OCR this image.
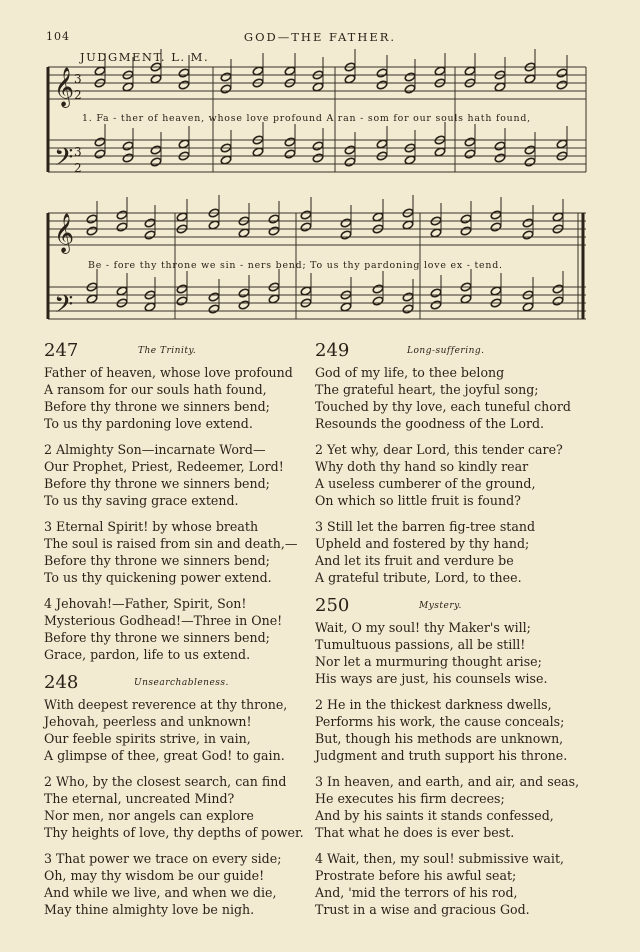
104	GOD—THE FATHER.
JUDGMENT. L. M.
𝄞
𝄢
𝄞
𝄢
3
2
3
2
1. Fa - ther of heaven, whose love profound A ran - som for our souls hath found,
Be - fore thy throne we sin - ners bend; To us thy pardoning love ex - tend.
247	The Trinity.
Father of heaven, whose love profound
A ransom for our souls hath found,
Before thy throne we sinners bend;
To us thy pardoning love extend.
2 Almighty Son—incarnate Word—
Our Prophet, Priest, Redeemer, Lord!
Before thy throne we sinners bend;
To us thy saving grace extend.
3 Eternal Spirit! by whose breath
The soul is raised from sin and death,—
Before thy throne we sinners bend;
To us thy quickening power extend.
4 Jehovah!—Father, Spirit, Son!
Mysterious Godhead!—Three in One!
Before thy throne we sinners bend;
Grace, pardon, life to us extend.
248	Unsearchableness.
With deepest reverence at thy throne,
Jehovah, peerless and unknown!
Our feeble spirits strive, in vain,
A glimpse of thee, great God! to gain.
2 Who, by the closest search, can find
The eternal, uncreated Mind?
Nor men, nor angels can explore
Thy heights of love, thy depths of power.
3 That power we trace on every side;
Oh, may thy wisdom be our guide!
And while we live, and when we die,
May thine almighty love be nigh.
249	Long-suffering.
God of my life, to thee belong
The grateful heart, the joyful song;
Touched by thy love, each tuneful chord
Resounds the goodness of the Lord.
2 Yet why, dear Lord, this tender care?
Why doth thy hand so kindly rear
A useless cumberer of the ground,
On which so little fruit is found?
3 Still let the barren fig-tree stand
Upheld and fostered by thy hand;
And let its fruit and verdure be
A grateful tribute, Lord, to thee.
250	Mystery.
Wait, O my soul! thy Maker's will;
Tumultuous passions, all be still!
Nor let a murmuring thought arise;
His ways are just, his counsels wise.
2 He in the thickest darkness dwells,
Performs his work, the cause conceals;
But, though his methods are unknown,
Judgment and truth support his throne.
3 In heaven, and earth, and air, and seas,
He executes his firm decrees;
And by his saints it stands confessed,
That what he does is ever best.
4 Wait, then, my soul! submissive wait,
Prostrate before his awful seat;
And, 'mid the terrors of his rod,
Trust in a wise and gracious God.
